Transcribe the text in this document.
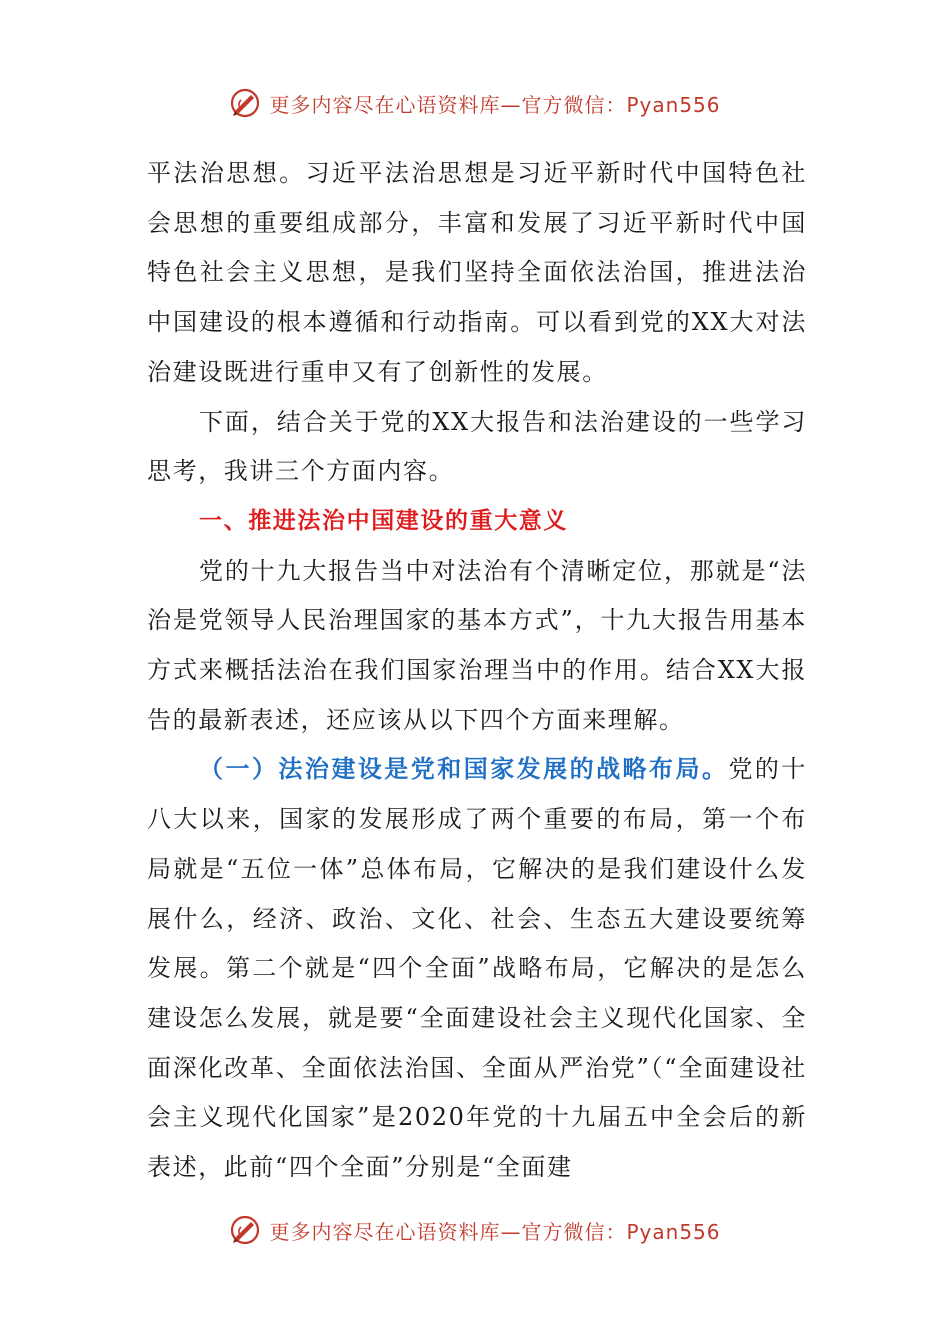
更多内容尽在心语资料库—官方微信：Pyan556

平法治思想。习近平法治思想是习近平新时代中国特色社会思想的重要组成部分，丰富和发展了习近平新时代中国特色社会主义思想，是我们坚持全面依法治国，推进法治中国建设的根本遵循和行动指南。可以看到党的XX大对法治建设既进行重申又有了创新性的发展。

下面，结合关于党的XX大报告和法治建设的一些学习思考，我讲三个方面内容。

一、推进法治中国建设的重大意义

党的十九大报告当中对法治有个清晰定位，那就是“法治是党领导人民治理国家的基本方式”，十九大报告用基本方式来概括法治在我们国家治理当中的作用。结合XX大报告的最新表述，还应该从以下四个方面来理解。

（一）法治建设是党和国家发展的战略布局。党的十八大以来，国家的发展形成了两个重要的布局，第一个布局就是“五位一体”总体布局，它解决的是我们建设什么发展什么，经济、政治、文化、社会、生态五大建设要统筹发展。第二个就是“四个全面”战略布局，它解决的是怎么建设怎么发展，就是要“全面建设社会主义现代化国家、全面深化改革、全面依法治国、全面从严治党”（“全面建设社会主义现代化国家”是2020年党的十九届五中全会后的新表述，此前“四个全面”分别是“全面建

更多内容尽在心语资料库—官方微信：Pyan556
